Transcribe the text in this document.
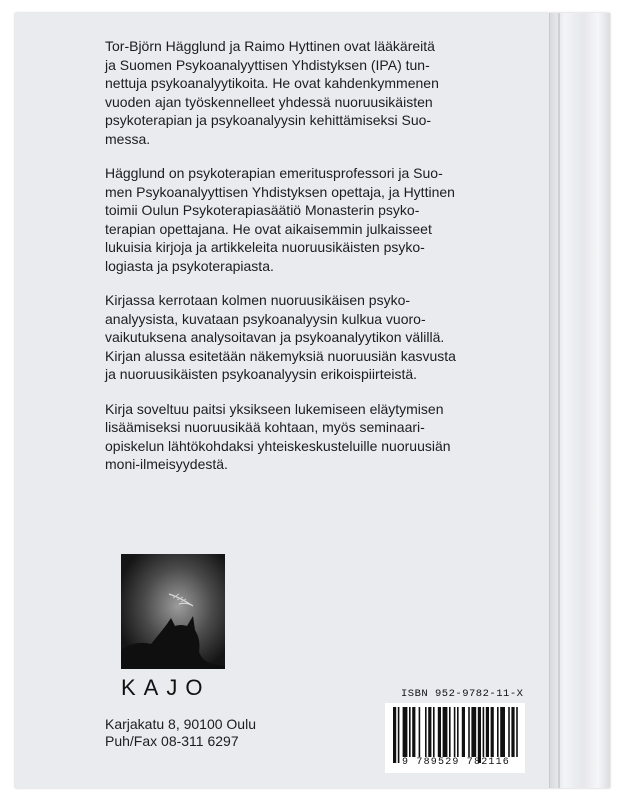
Tor-Björn Hägglund ja Raimo Hyttinen ovat lääkäreitä
ja Suomen Psykoanalyyttisen Yhdistyksen (IPA) tun-
nettuja psykoanalyytikoita. He ovat kahdenkymmenen
vuoden ajan työskennelleet yhdessä nuoruusikäisten
psykoterapian ja psykoanalyysin kehittämiseksi Suo-
messa.

Hägglund on psykoterapian emeritusprofessori ja Suo-
men Psykoanalyyttisen Yhdistyksen opettaja, ja Hyttinen
toimii Oulun Psykoterapiasäätiö Monasterin psyko-
terapian opettajana. He ovat aikaisemmin julkaisseet
lukuisia kirjoja ja artikkeleita nuoruusikäisten psyko-
logiasta ja psykoterapiasta.

Kirjassa kerrotaan kolmen nuoruusikäisen psyko-
analyysista, kuvataan psykoanalyysin kulkua vuoro-
vaikutuksena analysoitavan ja psykoanalyytikon välillä.
Kirjan alussa esitetään näkemyksiä nuoruusiän kasvusta
ja nuoruusikäisten psykoanalyysin erikoispiirteistä.

Kirja soveltuu paitsi yksikseen lukemiseen eläytymisen
lisäämiseksi nuoruusikää kohtaan, myös seminaari-
opiskelun lähtökohdaksi yhteiskeskusteluille nuoruusiän
moni-ilmeisyydestä.

KAJO
Karjakatu 8, 90100 Oulu
Puh/Fax 08-311 6297
ISBN 952-9782-11-X
9 789529 782116
